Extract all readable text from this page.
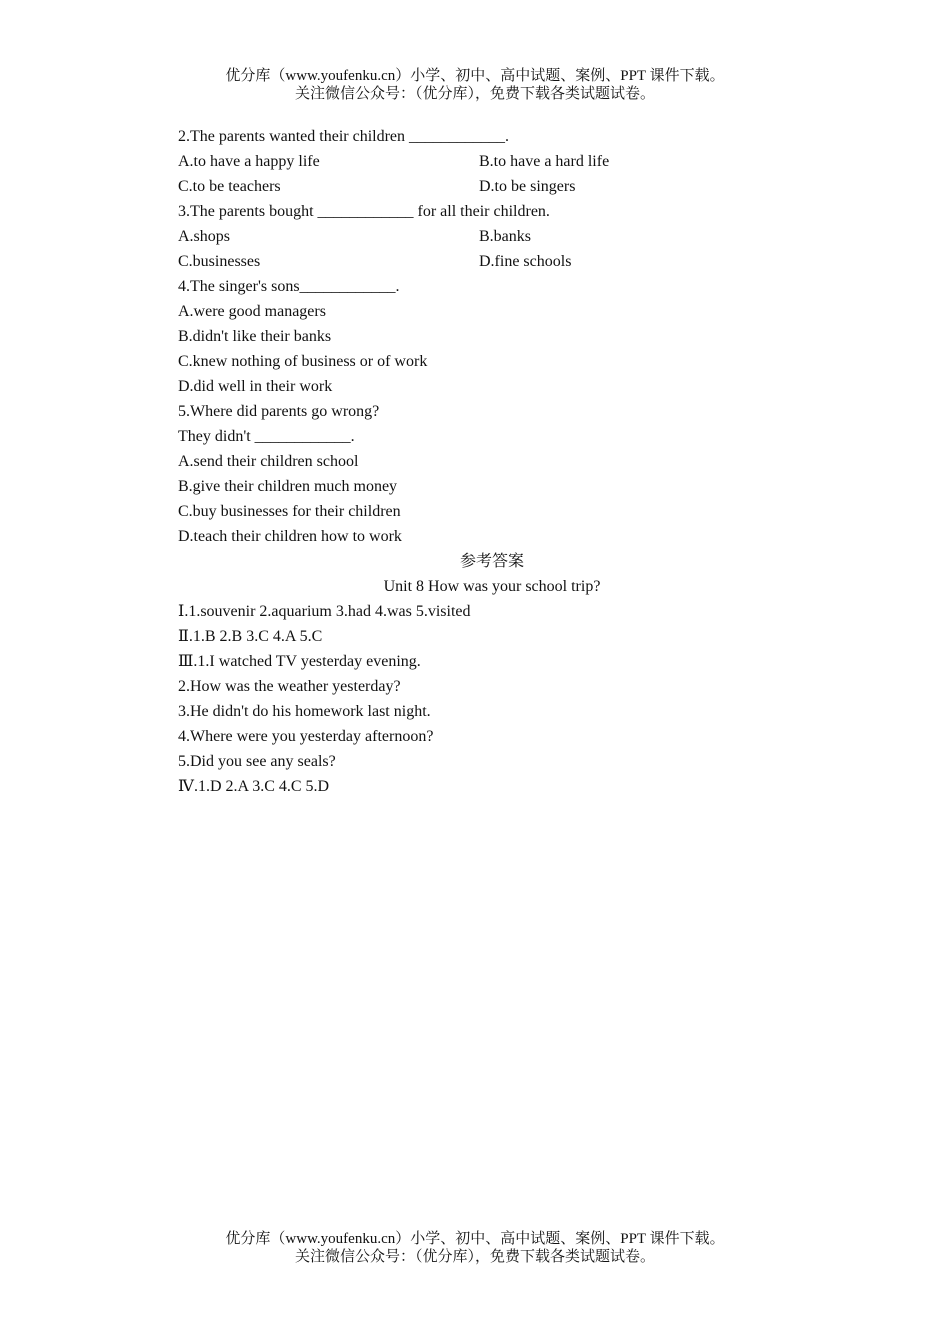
优分库（www.youfenku.cn）小学、初中、高中试题、案例、PPT 课件下载。
关注微信公众号：（优分库），免费下载各类试题试卷。
2.The parents wanted their children ____________.
A.to have a happy life	B.to have a hard life
C.to be teachers	D.to be singers
3.The parents bought ____________ for all their children.
A.shops	B.banks
C.businesses	D.fine schools
4.The singer's sons____________.
A.were good managers
B.didn't like their banks
C.knew nothing of business or of work
D.did well in their work
5.Where did parents go wrong?
They didn't ____________.
A.send their children school
B.give their children much money
C.buy businesses for their children
D.teach their children how to work
参考答案
Unit 8 How was your school trip?
Ⅰ.1.souvenir 2.aquarium 3.had 4.was 5.visited
Ⅱ.1.B 2.B 3.C 4.A 5.C
Ⅲ.1.I watched TV yesterday evening.
2.How was the weather yesterday?
3.He didn't do his homework last night.
4.Where were you yesterday afternoon?
5.Did you see any seals?
Ⅳ.1.D 2.A 3.C 4.C 5.D
优分库（www.youfenku.cn）小学、初中、高中试题、案例、PPT 课件下载。
关注微信公众号：（优分库），免费下载各类试题试卷。
